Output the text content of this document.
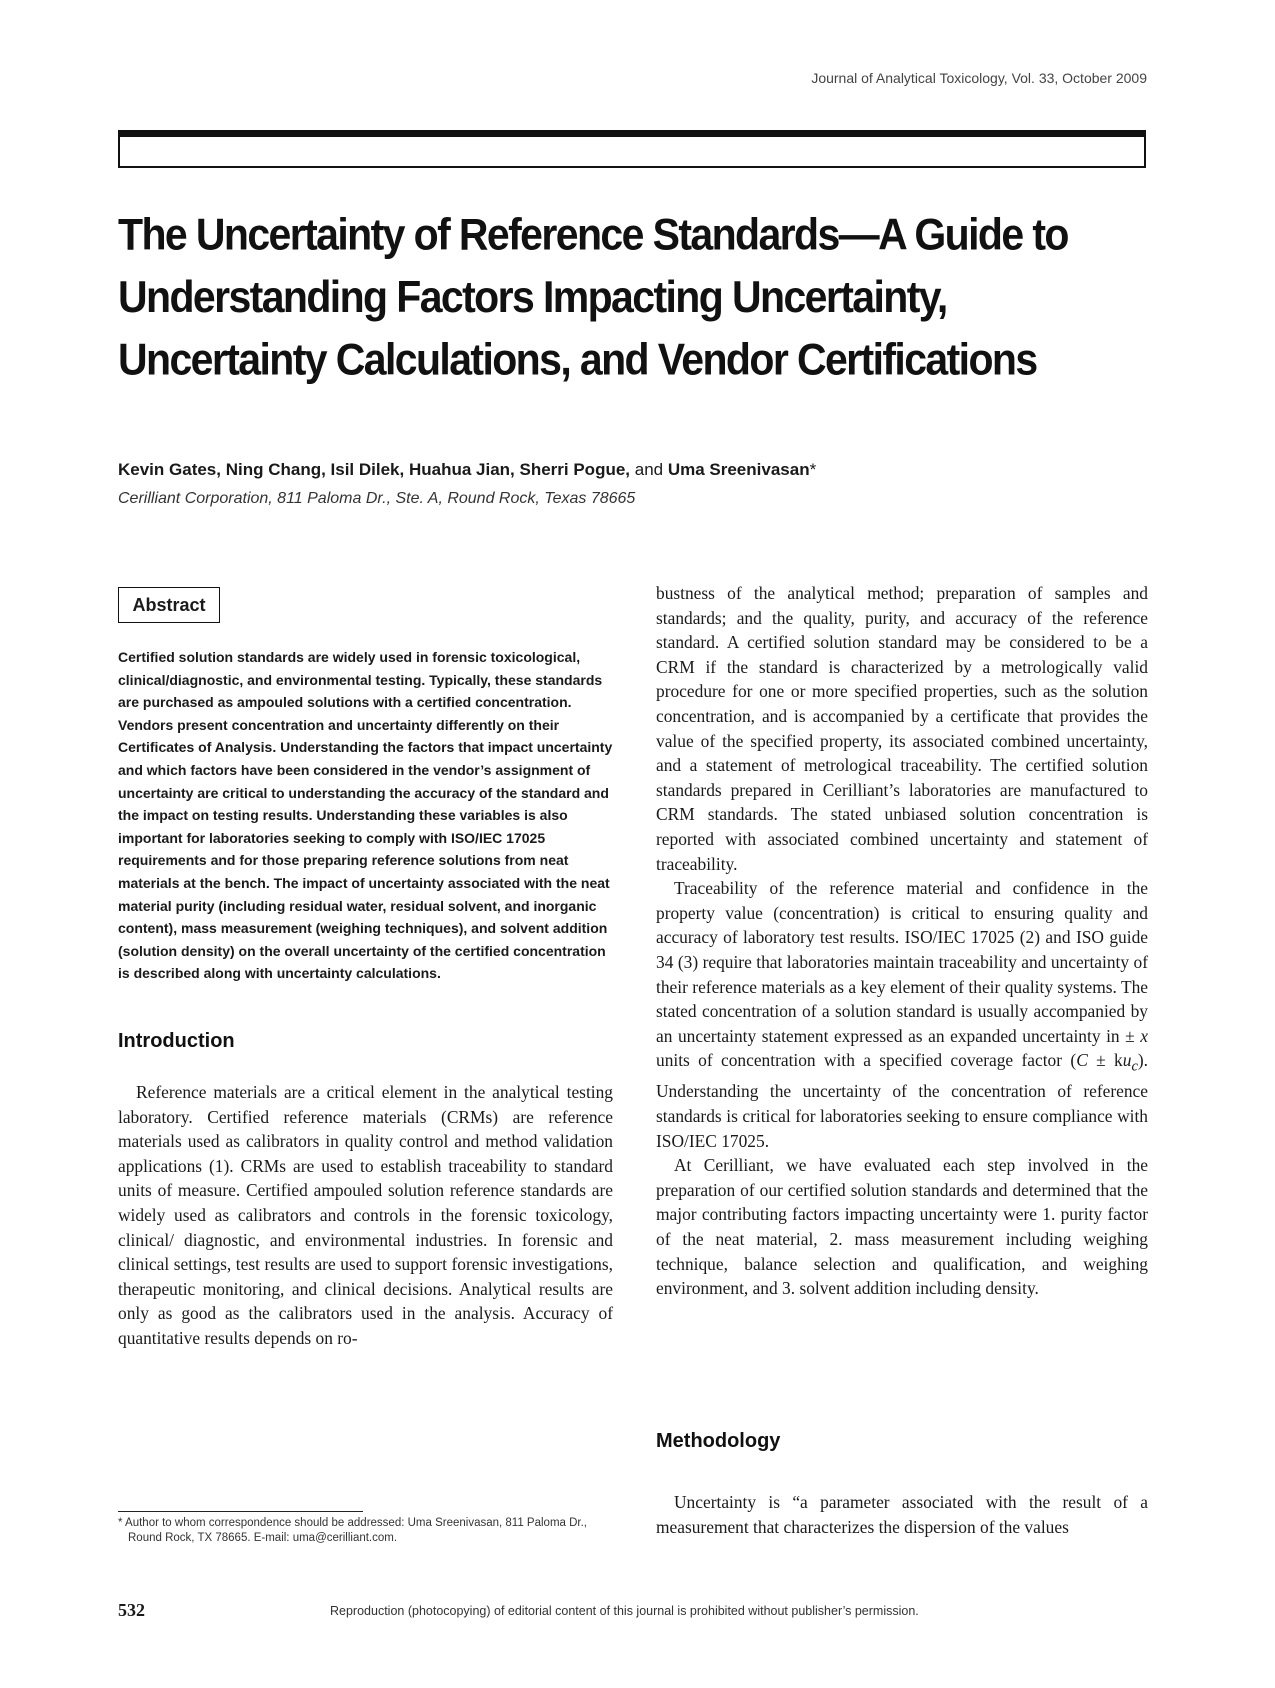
Journal of Analytical Toxicology, Vol. 33, October 2009
The Uncertainty of Reference Standards—A Guide to
Understanding Factors Impacting Uncertainty,
Uncertainty Calculations, and Vendor Certifications
Kevin Gates, Ning Chang, Isil Dilek, Huahua Jian, Sherri Pogue, and Uma Sreenivasan*
Cerilliant Corporation, 811 Paloma Dr., Ste. A, Round Rock, Texas 78665
Abstract

Certified solution standards are widely used in forensic toxicological, clinical/diagnostic, and environmental testing. Typically, these standards are purchased as ampouled solutions with a certified concentration. Vendors present concentration and uncertainty differently on their Certificates of Analysis. Understanding the factors that impact uncertainty and which factors have been considered in the vendor’s assignment of uncertainty are critical to understanding the accuracy of the standard and the impact on testing results. Understanding these variables is also important for laboratories seeking to comply with ISO/IEC 17025 requirements and for those preparing reference solutions from neat materials at the bench. The impact of uncertainty associated with the neat material purity (including residual water, residual solvent, and inorganic content), mass measurement (weighing techniques), and solvent addition (solution density) on the overall uncertainty of the certified concentration is described along with uncertainty calculations.

Introduction

Reference materials are a critical element in the analytical testing laboratory. Certified reference materials (CRMs) are reference materials used as calibrators in quality control and method validation applications (1). CRMs are used to establish traceability to standard units of measure. Certified ampouled solution reference standards are widely used as calibrators and controls in the forensic toxicology, clinical/ diagnostic, and environmental industries. In forensic and clinical settings, test results are used to support forensic investigations, therapeutic monitoring, and clinical decisions. Analytical results are only as good as the calibrators used in the analysis. Accuracy of quantitative results depends on ro-

bustness of the analytical method; preparation of samples and standards; and the quality, purity, and accuracy of the reference standard. A certified solution standard may be considered to be a CRM if the standard is characterized by a metrologically valid procedure for one or more specified properties, such as the solution concentration, and is accompanied by a certificate that provides the value of the specified property, its associated combined uncertainty, and a statement of metrological traceability. The certified solution standards prepared in Cerilliant’s laboratories are manufactured to CRM standards. The stated unbiased solution concentration is reported with associated combined uncertainty and statement of traceability.

Traceability of the reference material and confidence in the property value (concentration) is critical to ensuring quality and accuracy of laboratory test results. ISO/IEC 17025 (2) and ISO guide 34 (3) require that laboratories maintain traceability and uncertainty of their reference materials as a key element of their quality systems. The stated concentration of a solution standard is usually accompanied by an uncertainty statement expressed as an expanded uncertainty in ± x units of concentration with a specified coverage factor $(C \pm ku_c)$. Understanding the uncertainty of the concentration of reference standards is critical for laboratories seeking to ensure compliance with ISO/IEC 17025.

At Cerilliant, we have evaluated each step involved in the preparation of our certified solution standards and determined that the major contributing factors impacting uncertainty were 1. purity factor of the neat material, 2. mass measurement including weighing technique, balance selection and qualification, and weighing environment, and 3. solvent addition including density.

Methodology

Uncertainty is “a parameter associated with the result of a measurement that characterizes the dispersion of the values

* Author to whom correspondence should be addressed: Uma Sreenivasan, 811 Paloma Dr.,
Round Rock, TX 78665. E-mail: uma@cerilliant.com.

532	Reproduction (photocopying) of editorial content of this journal is prohibited without publisher’s permission.
